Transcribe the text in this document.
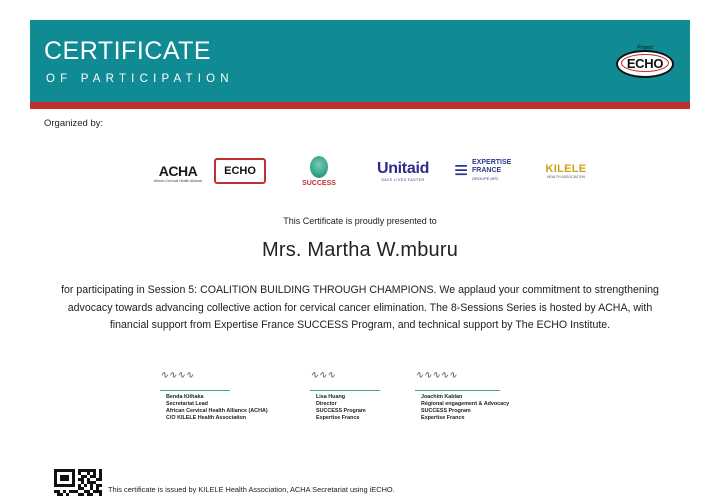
CERTIFICATE
OF PARTICIPATION
Project
ECHO
Organized by:
ACHA
African Cervical Health Alliance
ECHO
SUCCESS
Unitaid
SAVE LIVES FASTER ≡ EXPERTISE
FRANCE
GROUPE AFD
KILELE
HEALTH ASSOCIATION
This Certificate is proudly presented to
Mrs. Martha W.mburu
for participating in Session 5: COALITION BUILDING THROUGH CHAMPIONS. We applaud your commitment to strengthening advocacy towards advancing collective action for cervical cancer elimination. The 8-Sessions Series is hosted by ACHA, with financial support from Expertise France SUCCESS Program, and technical support by The ECHO Institute.
∿∿∿∿
Benda Kithaka
Secretariat Lead
African Cervical Health Alliance (ACHA)
C/O KILELE Health Association
∿∿∿
Lisa Huang
Director
SUCCESS Program
Expertise France
∿∿∿∿∿
Joachim Kablan
Régional engagement & Advocacy
SUCCESS Program
Expertise France
This certificate is issued by KILELE Health Association, ACHA Secretariat using iECHO.
